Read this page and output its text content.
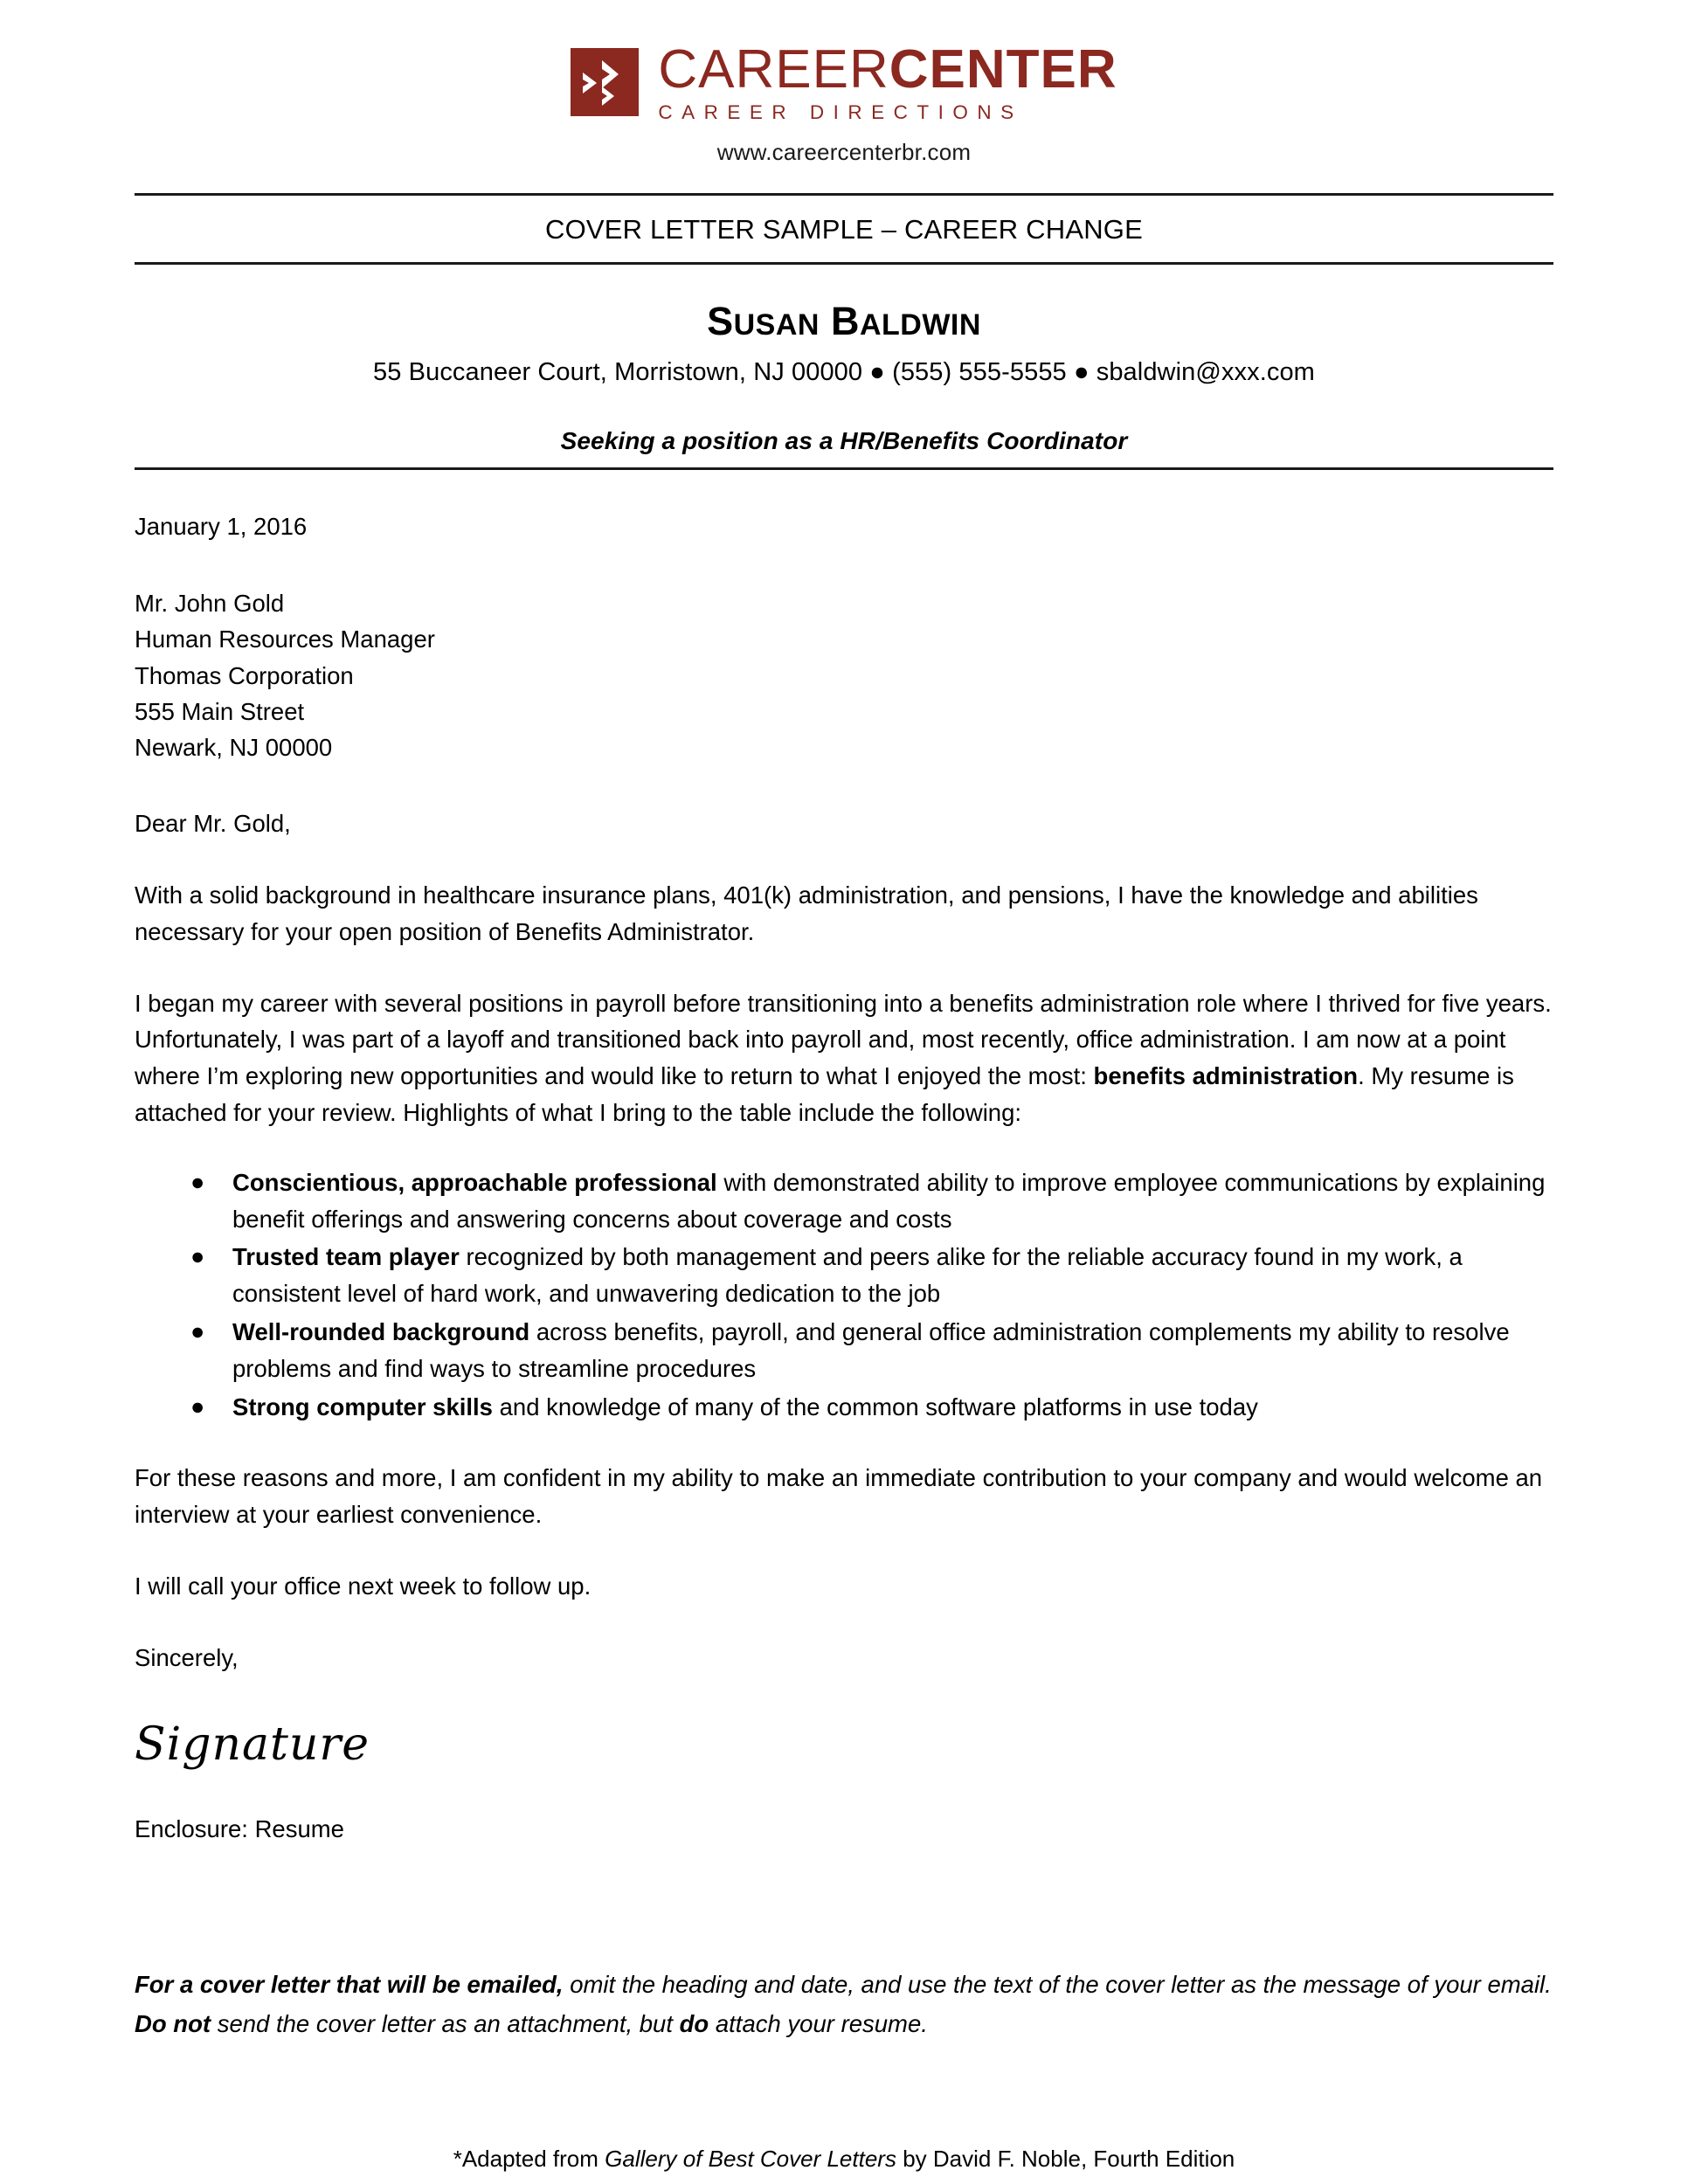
CAREERCENTER
CAREER DIRECTIONS
www.careercenterbr.com
COVER LETTER SAMPLE – CAREER CHANGE
SUSAN BALDWIN
55 Buccaneer Court, Morristown, NJ 00000 ● (555) 555-5555 ● sbaldwin@xxx.com
Seeking a position as a HR/Benefits Coordinator
January 1, 2016
Mr. John Gold
Human Resources Manager
Thomas Corporation
555 Main Street
Newark, NJ 00000
Dear Mr. Gold,
With a solid background in healthcare insurance plans, 401(k) administration, and pensions, I have the knowledge and abilities necessary for your open position of Benefits Administrator.
I began my career with several positions in payroll before transitioning into a benefits administration role where I thrived for five years. Unfortunately, I was part of a layoff and transitioned back into payroll and, most recently, office administration. I am now at a point where I’m exploring new opportunities and would like to return to what I enjoyed the most: benefits administration. My resume is attached for your review. Highlights of what I bring to the table include the following:
● Conscientious, approachable professional with demonstrated ability to improve employee communications by explaining benefit offerings and answering concerns about coverage and costs
● Trusted team player recognized by both management and peers alike for the reliable accuracy found in my work, a consistent level of hard work, and unwavering dedication to the job
● Well-rounded background across benefits, payroll, and general office administration complements my ability to resolve problems and find ways to streamline procedures
● Strong computer skills and knowledge of many of the common software platforms in use today
For these reasons and more, I am confident in my ability to make an immediate contribution to your company and would welcome an interview at your earliest convenience.
I will call your office next week to follow up.
Sincerely,
Signature
Enclosure: Resume
For a cover letter that will be emailed, omit the heading and date, and use the text of the cover letter as the message of your email. Do not send the cover letter as an attachment, but do attach your resume.
*Adapted from Gallery of Best Cover Letters by David F. Noble, Fourth Edition
